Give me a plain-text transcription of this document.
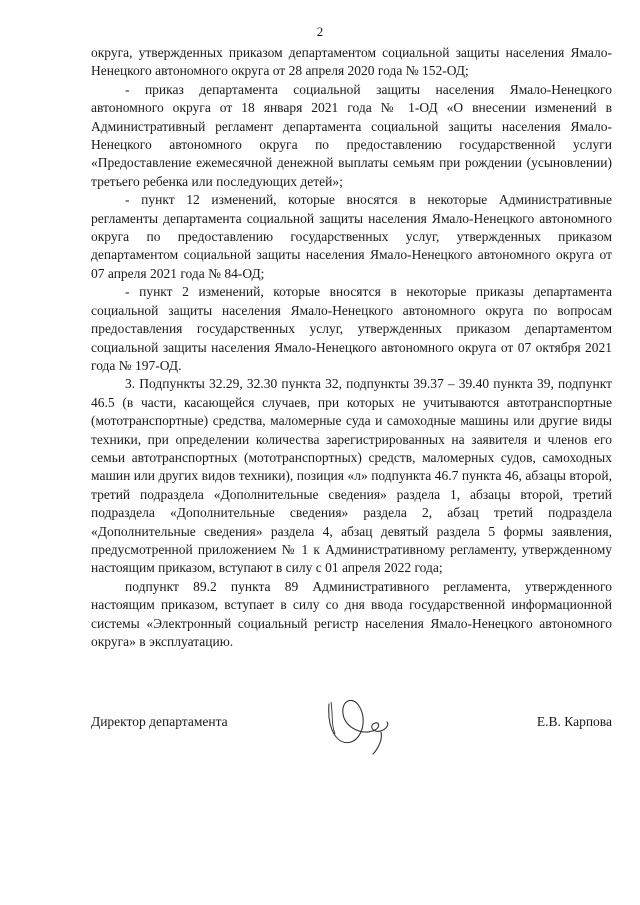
2

округа, утвержденных приказом департаментом социальной защиты населения Ямало-Ненецкого автономного округа от 28 апреля 2020 года № 152-ОД;

- приказ департамента социальной защиты населения Ямало-Ненецкого автономного округа от 18 января 2021 года № 1-ОД «О внесении изменений в Административный регламент департамента социальной защиты населения Ямало-Ненецкого автономного округа по предоставлению государственной услуги «Предоставление ежемесячной денежной выплаты семьям при рождении (усыновлении) третьего ребенка или последующих детей»;

- пункт 12 изменений, которые вносятся в некоторые Административные регламенты департамента социальной защиты населения Ямало-Ненецкого автономного округа по предоставлению государственных услуг, утвержденных приказом департаментом социальной защиты населения Ямало-Ненецкого автономного округа от 07 апреля 2021 года № 84-ОД;

- пункт 2 изменений, которые вносятся в некоторые приказы департамента социальной защиты населения Ямало-Ненецкого автономного округа по вопросам предоставления государственных услуг, утвержденных приказом департаментом социальной защиты населения Ямало-Ненецкого автономного округа от 07 октября 2021 года № 197-ОД.

3. Подпункты 32.29, 32.30 пункта 32, подпункты 39.37 – 39.40 пункта 39, подпункт 46.5 (в части, касающейся случаев, при которых не учитываются автотранспортные (мототранспортные) средства, маломерные суда и самоходные машины или другие виды техники, при определении количества зарегистрированных на заявителя и членов его семьи автотранспортных (мототранспортных) средств, маломерных судов, самоходных машин или других видов техники), позиция «л» подпункта 46.7 пункта 46, абзацы второй, третий подраздела «Дополнительные сведения» раздела 1, абзацы второй, третий подраздела «Дополнительные сведения» раздела 2, абзац третий подраздела «Дополнительные сведения» раздела 4, абзац девятый раздела 5 формы заявления, предусмотренной приложением № 1 к Административному регламенту, утвержденному настоящим приказом, вступают в силу с 01 апреля 2022 года;

подпункт 89.2 пункта 89 Административного регламента, утвержденного настоящим приказом, вступает в силу со дня ввода государственной информационной системы «Электронный социальный регистр населения Ямало-Ненецкого автономного округа» в эксплуатацию.

Директор департамента	Е.В. Карпова
